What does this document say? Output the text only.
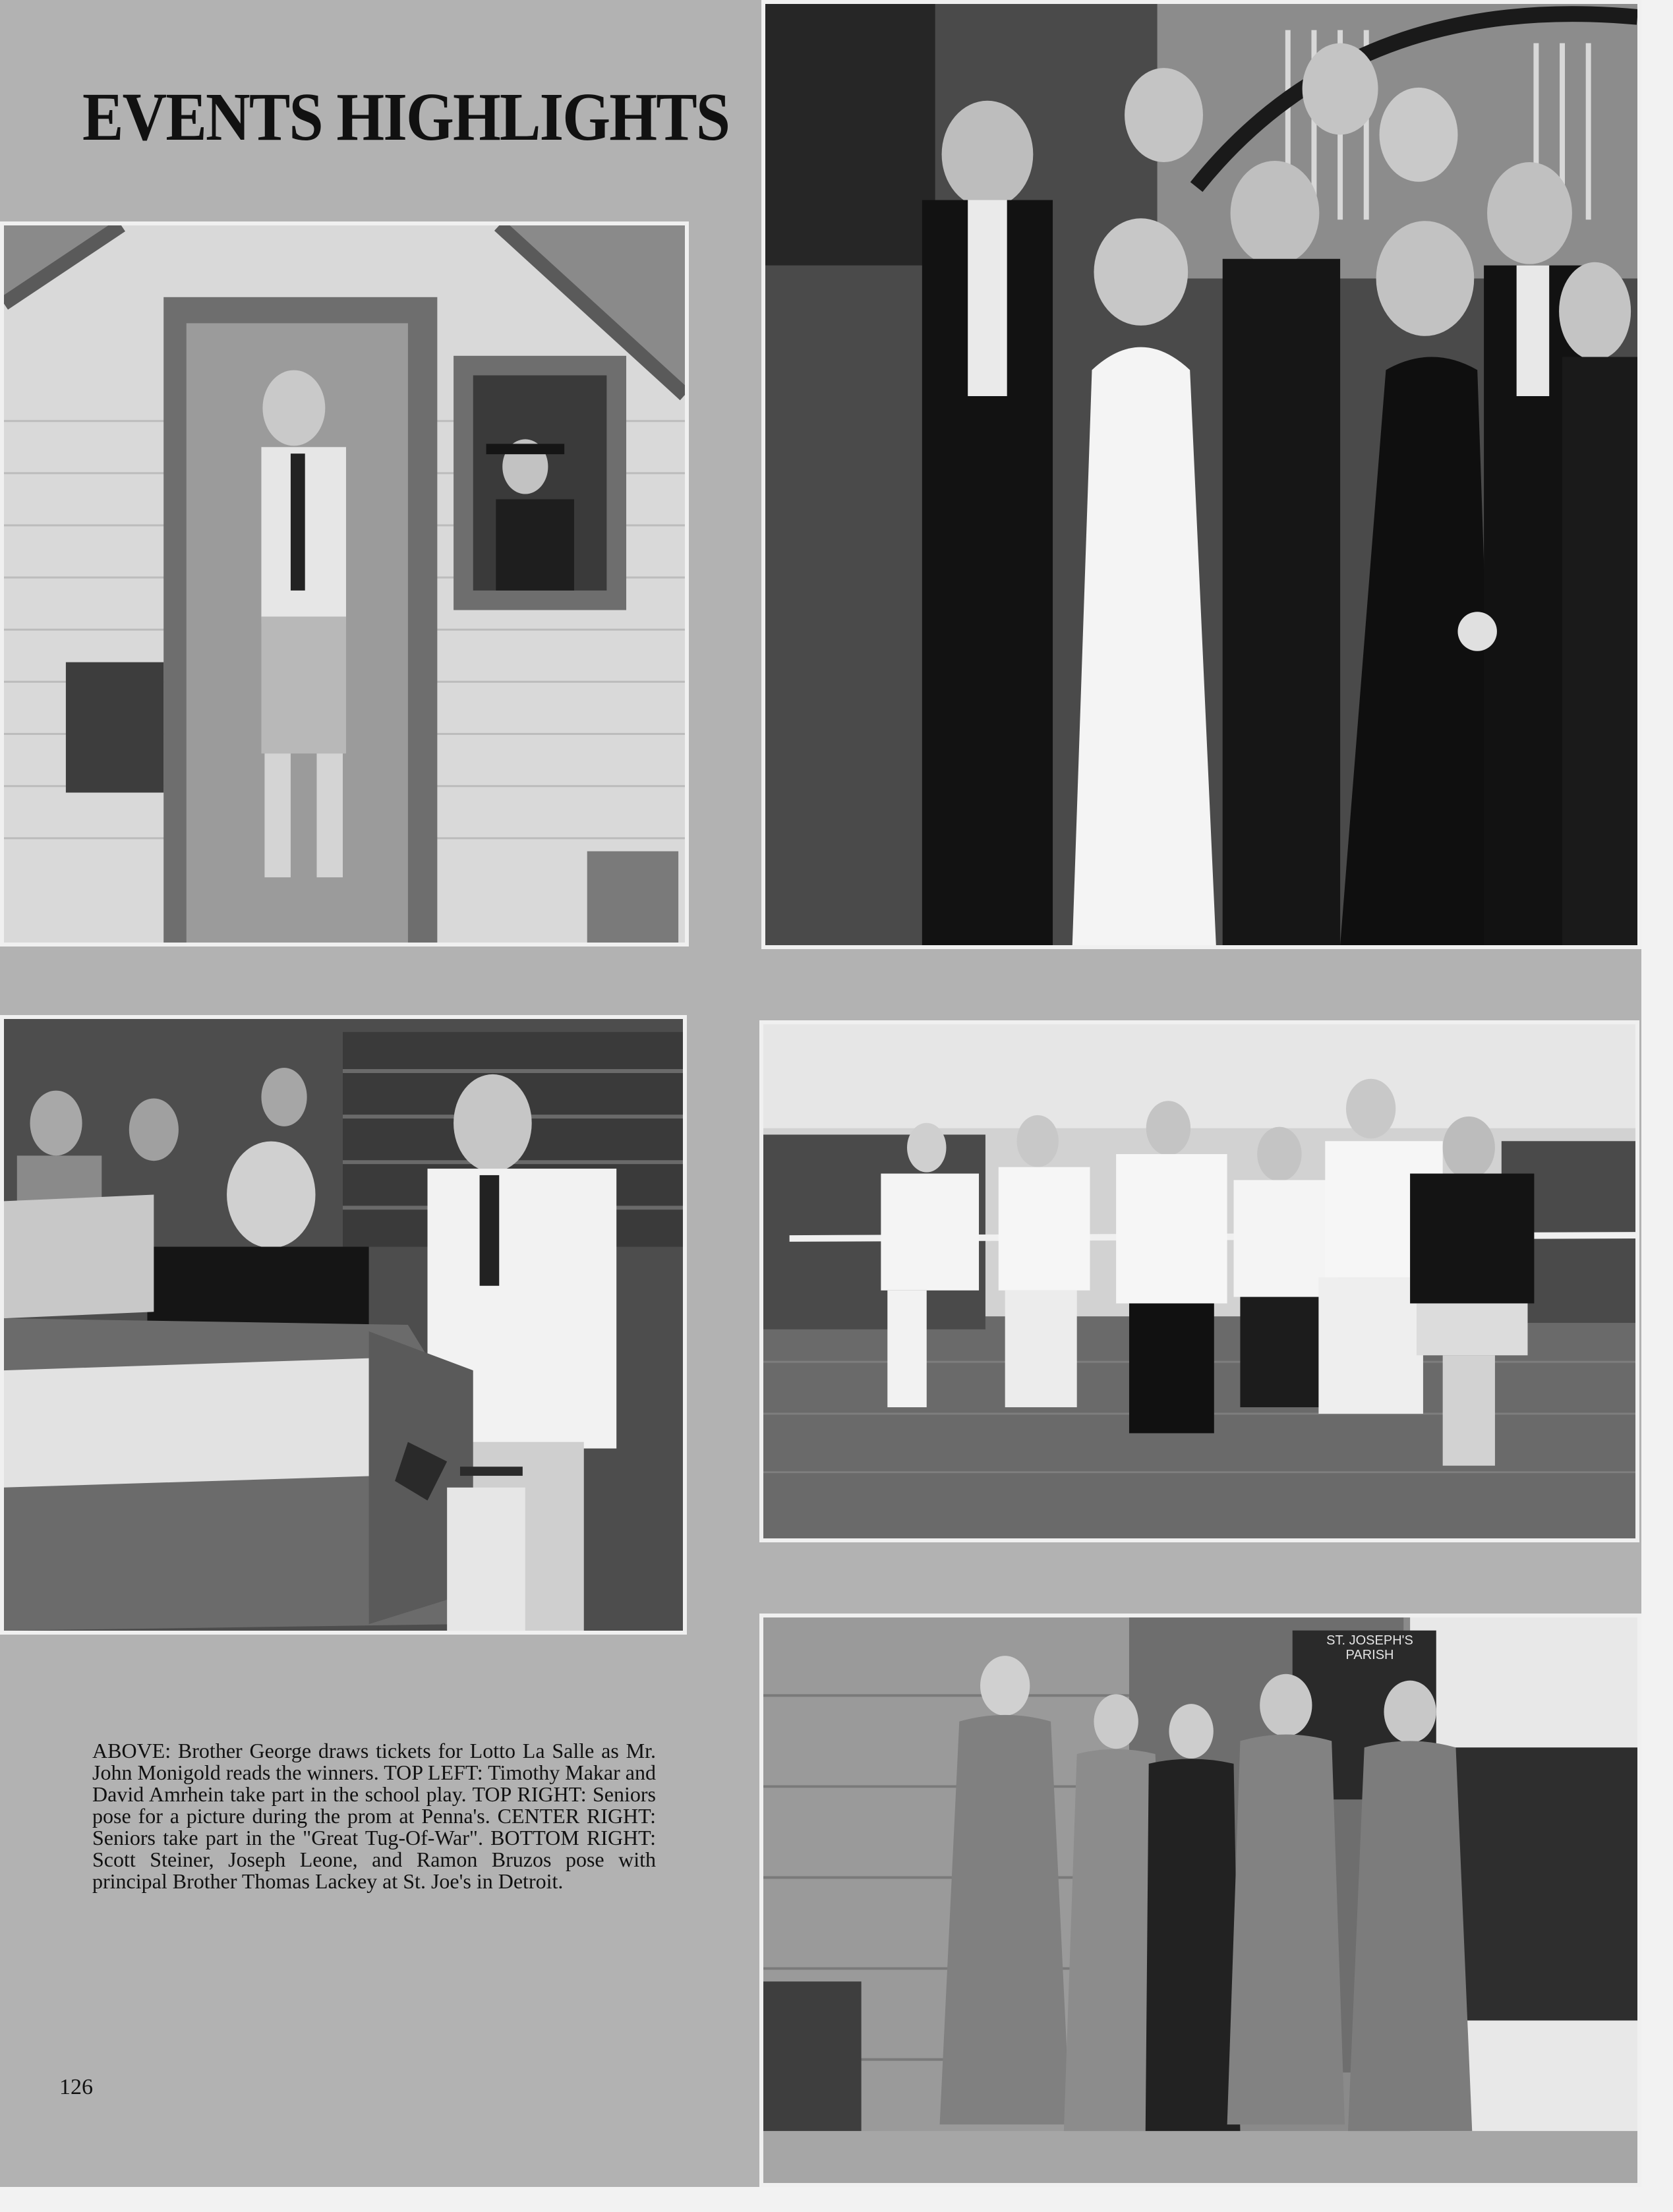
EVENTS HIGHLIGHTS
ST. JOSEPH'S PARISH
ABOVE: Brother George draws tickets for Lotto La Salle as Mr. John Monigold reads the winners. TOP LEFT: Timothy Makar and David Amrhein take part in the school play. TOP RIGHT: Seniors pose for a picture during the prom at Penna's. CENTER RIGHT: Seniors take part in the "Great Tug-Of-War". BOTTOM RIGHT: Scott Steiner, Joseph Leone, and Ramon Bruzos pose with principal Brother Thomas Lackey at St. Joe's in Detroit.
126
